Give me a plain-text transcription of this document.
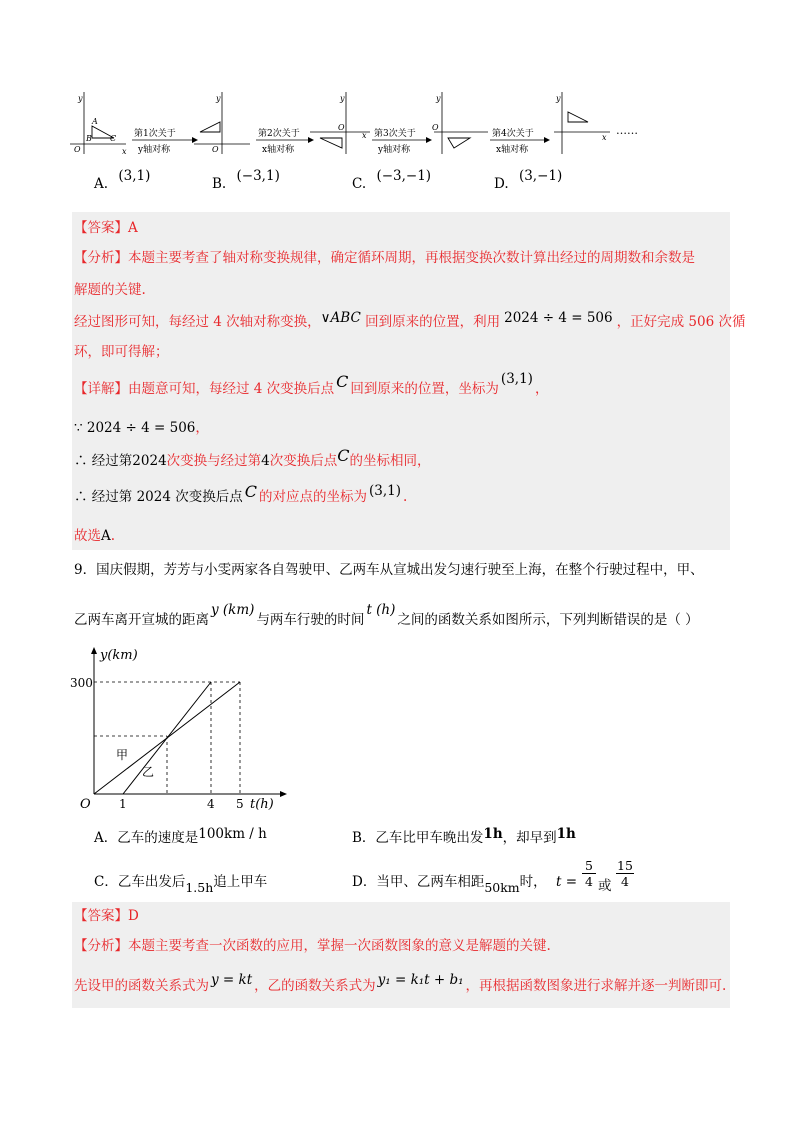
y
x
O
A
B C 第1次关于
y轴对称
y
O
第2次关于
x轴对称
y
O
x 第3次关于
y轴对称
y
O
第4次关于
x轴对称
y
x
……
A. (3,1)	B. (−3,1)	C. (−3,−1)	D. (3,−1)
【答案】A
【分析】本题主要考查了轴对称变换规律，确定循环周期，再根据变换次数计算出经过的周期数和余数是
解题的关键.
经过图形可知，每经过 4 次轴对称变换，∨ABC 回到原来的位置，利用 2024 ÷ 4 = 506 ，正好完成 506 次循
环，即可得解；
【详解】由题意可知，每经过 4 次变换后点 C 回到原来的位置，坐标为(3,1)，
∵ 2024 ÷ 4 = 506，
∴ 经过第2024次变换与经过第4次变换后点C的坐标相同，
∴ 经过第 2024 次变换后点 C 的对应点的坐标为 (3,1) .
故选A.
9．国庆假期，芳芳与小雯两家各自驾驶甲、乙两车从宣城出发匀速行驶至上海，在整个行驶过程中，甲、
乙两车离开宣城的距离y (km)与两车行驶的时间t (h)之间的函数关系如图所示，下列判断错误的是（ ）
y(km)
t(h)
O
300
1	4 5
甲
乙
A．乙车的速度是100km / h	B．乙车比甲车晚出发1h，却早到1h
C．乙车出发后1.5h追上甲车	D．当甲、乙两车相距50km时， t =
5
4 或
15
4
【答案】D
【分析】本题主要考查一次函数的应用，掌握一次函数图象的意义是解题的关键.
先设甲的函数关系式为 y = kt ，乙的函数关系式为 y₁ = k₁t + b₁ ，再根据函数图象进行求解并逐一判断即可.
